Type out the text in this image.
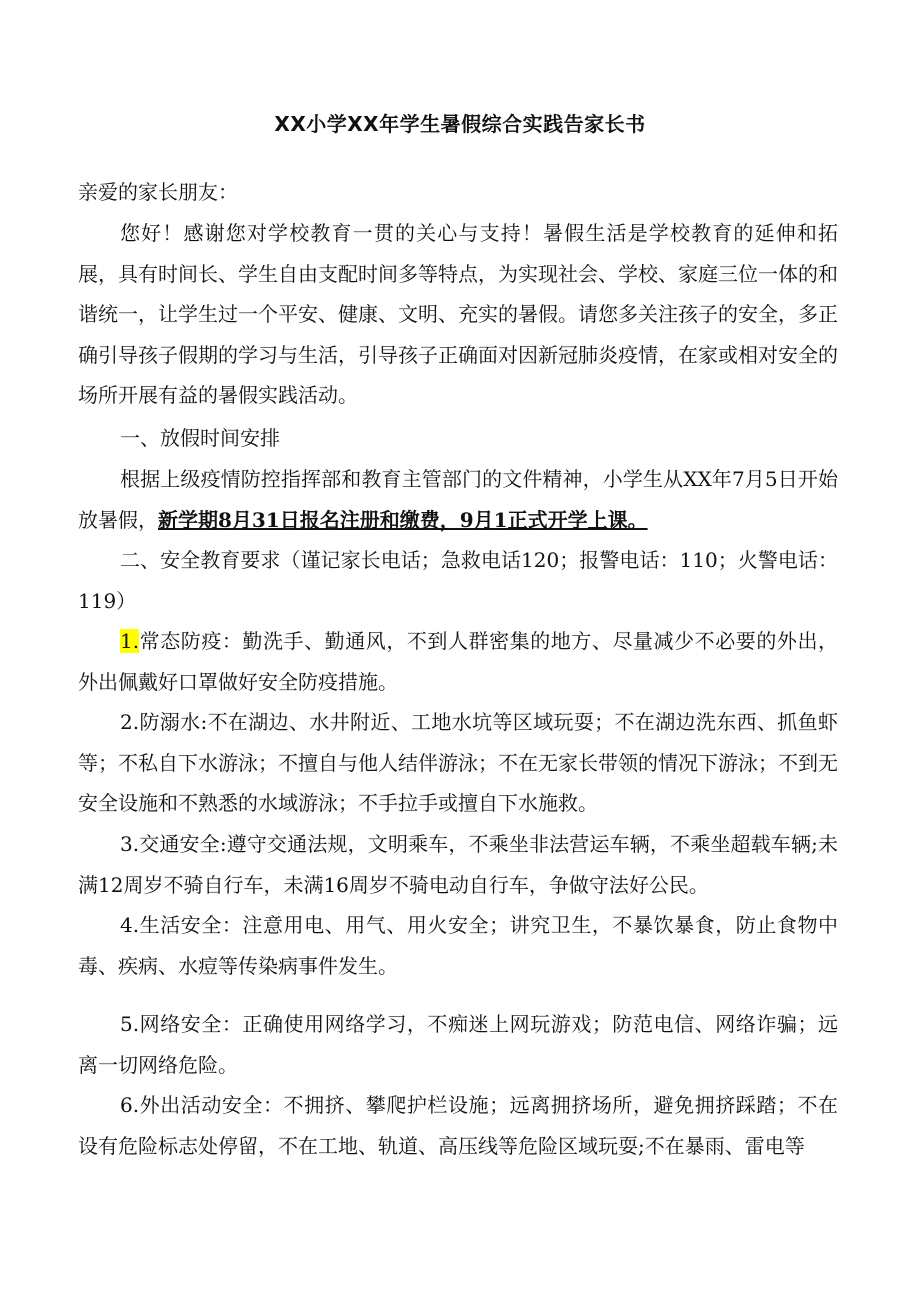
XX小学XX年学生暑假综合实践告家长书
亲爱的家长朋友：

您好！感谢您对学校教育一贯的关心与支持！暑假生活是学校教育的延伸和拓展，具有时间长、学生自由支配时间多等特点，为实现社会、学校、家庭三位一体的和谐统一，让学生过一个平安、健康、文明、充实的暑假。请您多关注孩子的安全，多正确引导孩子假期的学习与生活，引导孩子正确面对因新冠肺炎疫情，在家或相对安全的场所开展有益的暑假实践活动。

一、放假时间安排

根据上级疫情防控指挥部和教育主管部门的文件精神，小学生从XX年7月5日开始放暑假，新学期8月31日报名注册和缴费，9月1正式开学上课。

二、安全教育要求（谨记家长电话；急救电话120；报警电话：110；火警电话：119）

1.常态防疫：勤洗手、勤通风，不到人群密集的地方、尽量减少不必要的外出，外出佩戴好口罩做好安全防疫措施。

2.防溺水:不在湖边、水井附近、工地水坑等区域玩耍；不在湖边洗东西、抓鱼虾等；不私自下水游泳；不擅自与他人结伴游泳；不在无家长带领的情况下游泳；不到无安全设施和不熟悉的水域游泳；不手拉手或擅自下水施救。

3.交通安全:遵守交通法规，文明乘车，不乘坐非法营运车辆，不乘坐超载车辆;未满12周岁不骑自行车，未满16周岁不骑电动自行车，争做守法好公民。

4.生活安全：注意用电、用气、用火安全；讲究卫生，不暴饮暴食，防止食物中毒、疾病、水痘等传染病事件发生。

5.网络安全：正确使用网络学习，不痴迷上网玩游戏；防范电信、网络诈骗；远离一切网络危险。

6.外出活动安全：不拥挤、攀爬护栏设施；远离拥挤场所，避免拥挤踩踏；不在设有危险标志处停留，不在工地、轨道、高压线等危险区域玩耍;不在暴雨、雷电等
